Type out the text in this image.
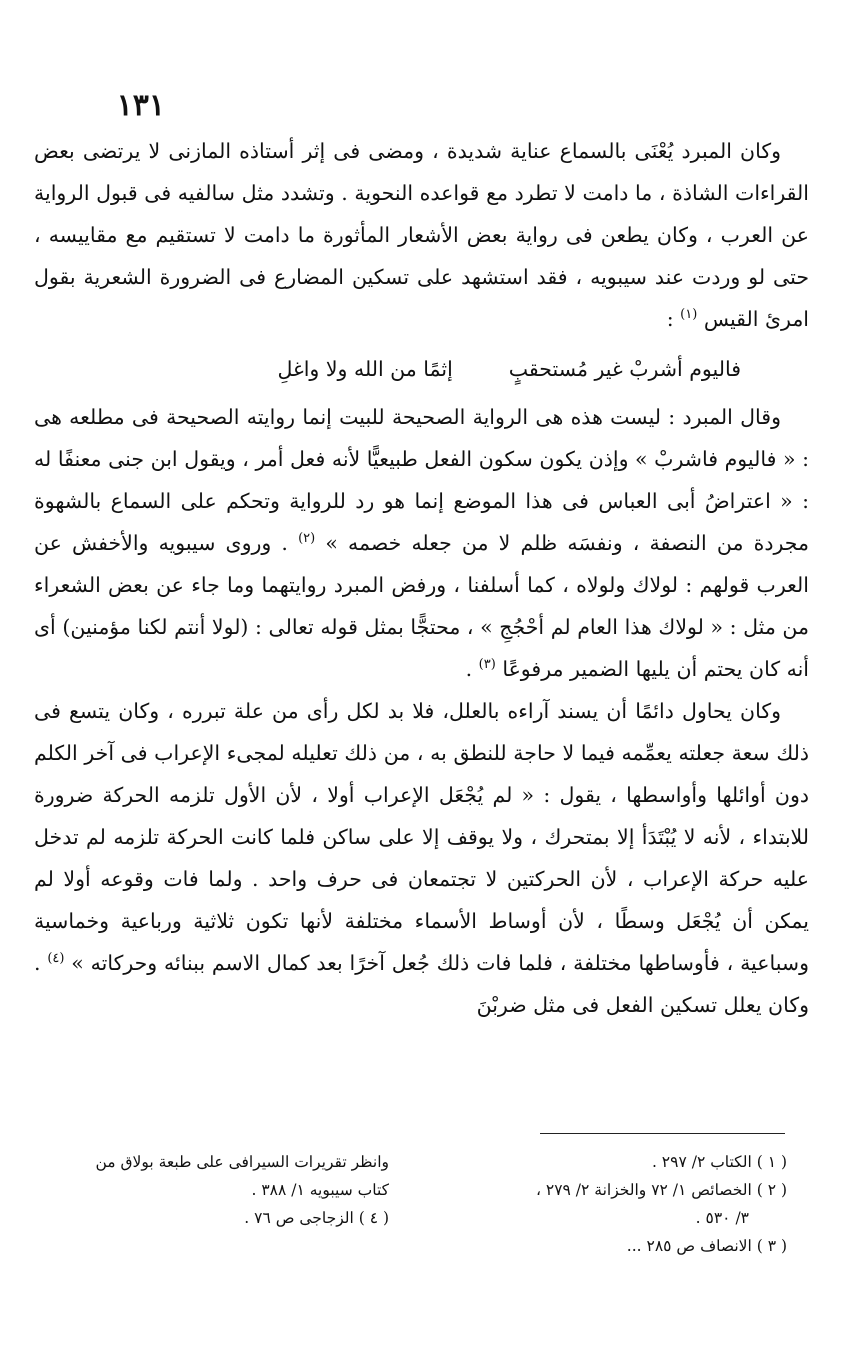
١٣١

وكان المبرد يُعْنَى بالسماع عناية شديدة ، ومضى فى إثر أستاذه المازنى لا يرتضى بعض القراءات الشاذة ، ما دامت لا تطرد مع قواعده النحوية . وتشدد مثل سالفيه فى قبول الرواية عن العرب ، وكان يطعن فى رواية بعض الأشعار المأثورة ما دامت لا تستقيم مع مقاييسه ، حتى لو وردت عند سيبويه ، فقد استشهد على تسكين المضارع فى الضرورة الشعرية بقول امرئ القيس $^{(١)}$ :

فاليوم أشربْ غير مُستحقبٍإثمًا من الله ولا واغلِ

وقال المبرد : ليست هذه هى الرواية الصحيحة للبيت إنما روايته الصحيحة فى مطلعه هى : « فاليوم فاشربْ » وإذن يكون سكون الفعل طبيعيًّا لأنه فعل أمر ، ويقول ابن جنى معنفًا له : « اعتراضُ أبى العباس فى هذا الموضع إنما هو رد للرواية وتحكم على السماع بالشهوة مجردة من النصفة ، ونفسَه ظلم لا من جعله خصمه » $^{(٢)}$ . وروى سيبويه والأخفش عن العرب قولهم : لولاك ولولاه ، كما أسلفنا ، ورفض المبرد روايتهما وما جاء عن بعض الشعراء من مثل : « لولاك هذا العام لم أحْجُجِ » ، محتجًّا بمثل قوله تعالى : (لولا أنتم لكنا مؤمنين) أى أنه كان يحتم أن يليها الضمير مرفوعًا $^{(٣)}$ .

وكان يحاول دائمًا أن يسند آراءه بالعلل، فلا بد لكل رأى من علة تبرره ، وكان يتسع فى ذلك سعة جعلته يعمِّمه فيما لا حاجة للنطق به ، من ذلك تعليله لمجىء الإعراب فى آخر الكلم دون أوائلها وأواسطها ، يقول : « لم يُجْعَل الإعراب أولا ، لأن الأول تلزمه الحركة ضرورة للابتداء ، لأنه لا يُبْتَدَأ إلا بمتحرك ، ولا يوقف إلا على ساكن فلما كانت الحركة تلزمه لم تدخل عليه حركة الإعراب ، لأن الحركتين لا تجتمعان فى حرف واحد . ولما فات وقوعه أولا لم يمكن أن يُجْعَل وسطًا ، لأن أوساط الأسماء مختلفة لأنها تكون ثلاثية ورباعية وخماسية وسباعية ، فأوساطها مختلفة ، فلما فات ذلك جُعل آخرًا بعد كمال الاسم ببنائه وحركاته » $^{(٤)}$ . وكان يعلل تسكين الفعل فى مثل ضربْنَ

( ١ ) الكتاب ٢/ ٢٩٧ .
( ٢ ) الخصائص ١/ ٧٢ والخزانة ٢/ ٢٧٩ ،
٣/ ٥٣٠ .
( ٣ ) الانصاف ص ٢٨٥ ...
وانظر تقريرات السيرافى على طبعة بولاق من
كتاب سيبويه ١/ ٣٨٨ .
( ٤ ) الزجاجى ص ٧٦ .
